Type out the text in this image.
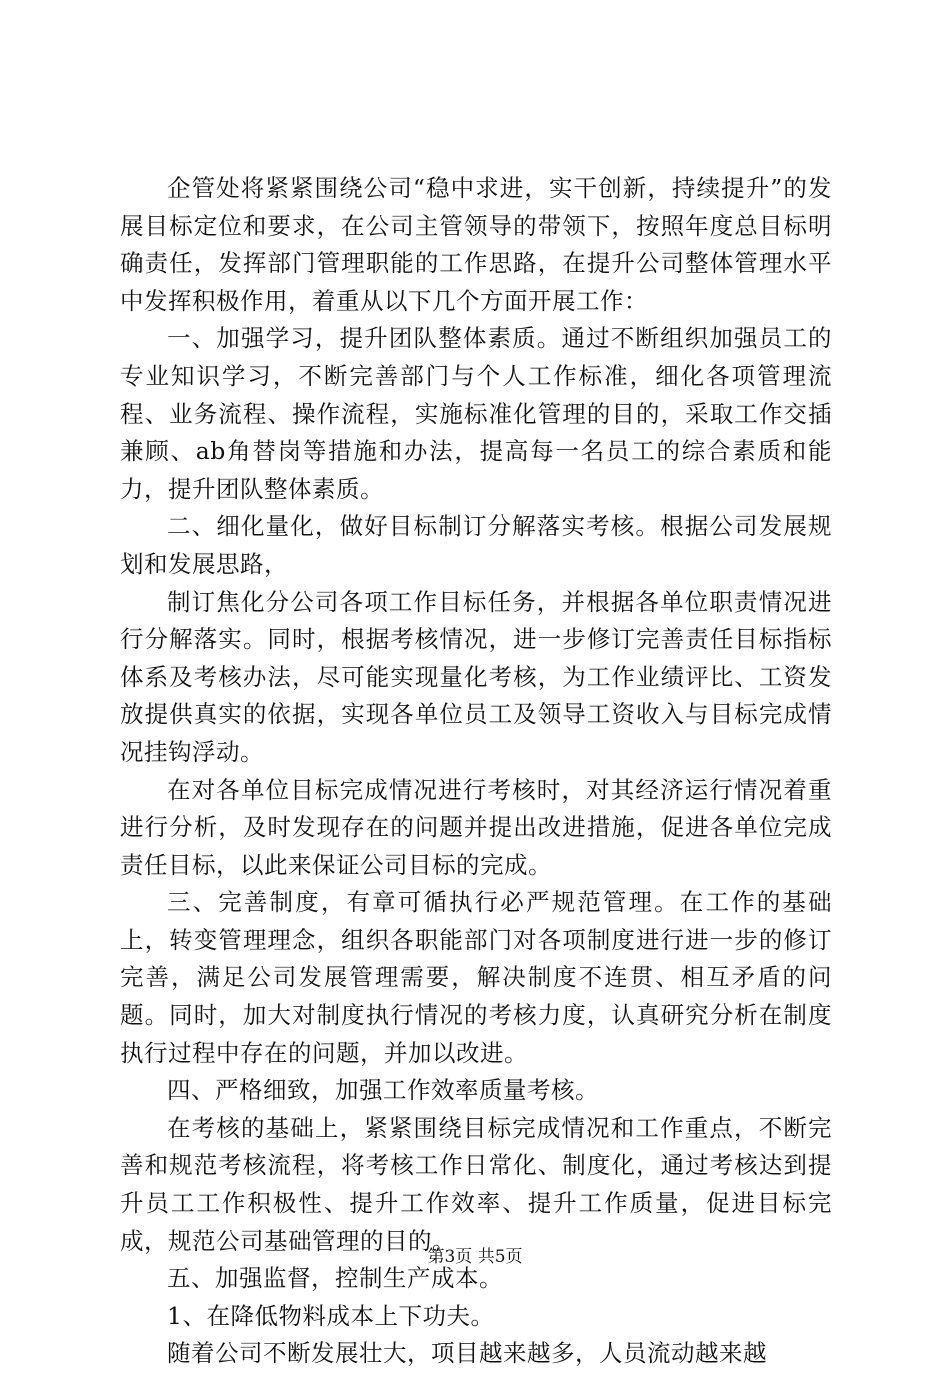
企管处将紧紧围绕公司“稳中求进，实干创新，持续提升”的发展目标定位和要求，在公司主管领导的带领下，按照年度总目标明确责任，发挥部门管理职能的工作思路，在提升公司整体管理水平中发挥积极作用，着重从以下几个方面开展工作：

一、加强学习，提升团队整体素质。通过不断组织加强员工的专业知识学习，不断完善部门与个人工作标准，细化各项管理流程、业务流程、操作流程，实施标准化管理的目的，采取工作交插兼顾、ab角替岗等措施和办法，提高每一名员工的综合素质和能力，提升团队整体素质。

二、细化量化，做好目标制订分解落实考核。根据公司发展规划和发展思路，

制订焦化分公司各项工作目标任务，并根据各单位职责情况进行分解落实。同时，根据考核情况，进一步修订完善责任目标指标体系及考核办法，尽可能实现量化考核，为工作业绩评比、工资发放提供真实的依据，实现各单位员工及领导工资收入与目标完成情况挂钩浮动。

在对各单位目标完成情况进行考核时，对其经济运行情况着重进行分析，及时发现存在的问题并提出改进措施，促进各单位完成责任目标，以此来保证公司目标的完成。

三、完善制度，有章可循执行必严规范管理。在工作的基础上，转变管理理念，组织各职能部门对各项制度进行进一步的修订完善，满足公司发展管理需要，解决制度不连贯、相互矛盾的问题。同时，加大对制度执行情况的考核力度，认真研究分析在制度执行过程中存在的问题，并加以改进。

四、严格细致，加强工作效率质量考核。

在考核的基础上，紧紧围绕目标完成情况和工作重点，不断完善和规范考核流程，将考核工作日常化、制度化，通过考核达到提升员工工作积极性、提升工作效率、提升工作质量，促进目标完成，规范公司基础管理的目的。

五、加强监督，控制生产成本。

1、在降低物料成本上下功夫。

随着公司不断发展壮大，项目越来越多，人员流动越来越

第3页 共5页
